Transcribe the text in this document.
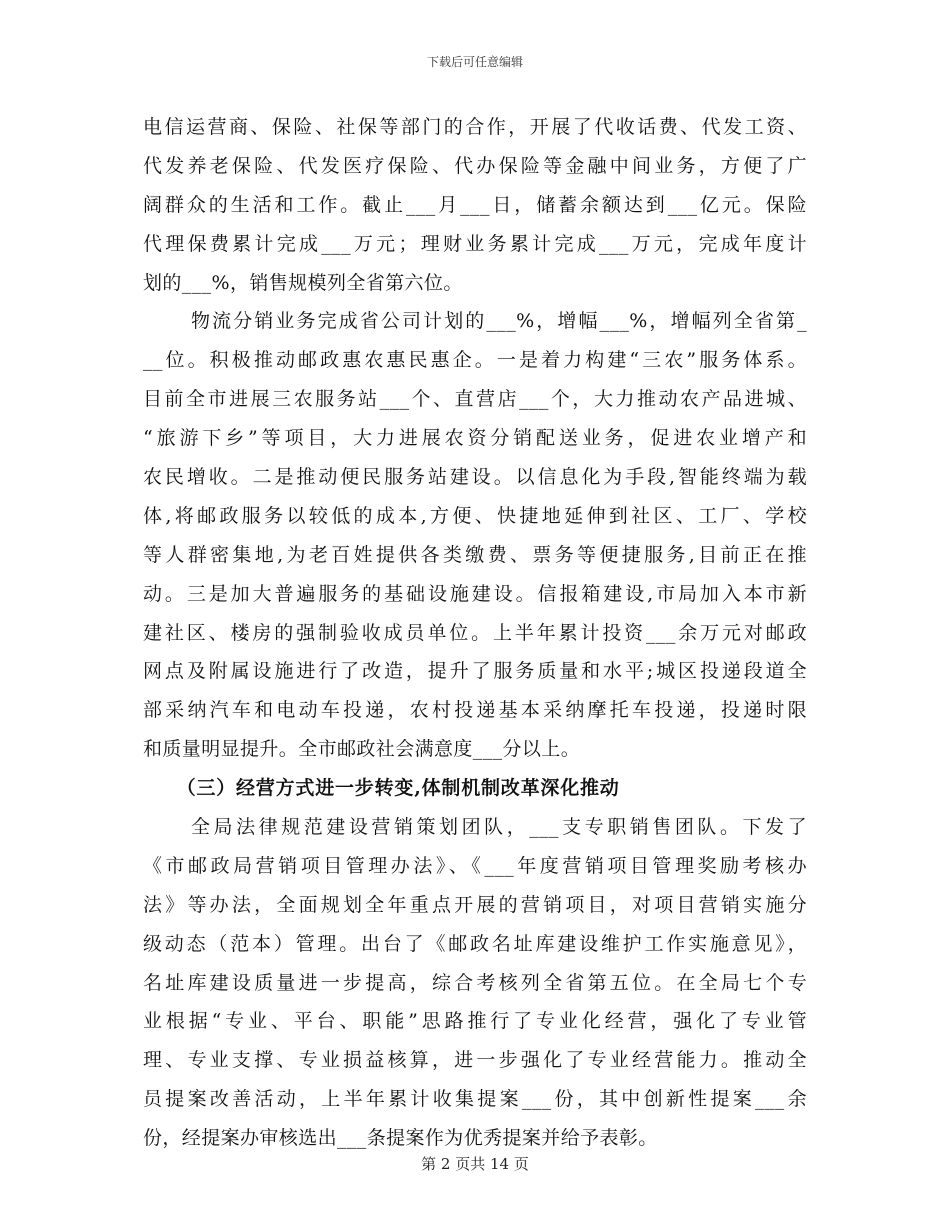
下载后可任意编辑
电信运营商、保险、社保等部门的合作，开展了代收话费、代发工资、
代发养老保险、代发医疗保险、代办保险等金融中间业务，方便了广
阔群众的生活和工作。截止___月___日，储蓄余额达到___亿元。保险
代理保费累计完成___万元；理财业务累计完成___万元，完成年度计
划的___%，销售规模列全省第六位。
物流分销业务完成省公司计划的___%，增幅___%，增幅列全省第_
__位。积极推动邮政惠农惠民惠企。一是着力构建“三农”服务体系。
目前全市进展三农服务站___个、直营店___个，大力推动农产品进城、
“旅游下乡”等项目，大力进展农资分销配送业务，促进农业增产和
农民增收。二是推动便民服务站建设。以信息化为手段,智能终端为载
体,将邮政服务以较低的成本,方便、快捷地延伸到社区、工厂、学校
等人群密集地,为老百姓提供各类缴费、票务等便捷服务,目前正在推
动。三是加大普遍服务的基础设施建设。信报箱建设,市局加入本市新
建社区、楼房的强制验收成员单位。上半年累计投资___余万元对邮政
网点及附属设施进行了改造，提升了服务质量和水平;城区投递段道全
部采纳汽车和电动车投递，农村投递基本采纳摩托车投递，投递时限
和质量明显提升。全市邮政社会满意度___分以上。
（三）经营方式进一步转变,体制机制改革深化推动
全局法律规范建设营销策划团队，___支专职销售团队。下发了
《市邮政局营销项目管理办法》、《___年度营销项目管理奖励考核办
法》等办法，全面规划全年重点开展的营销项目，对项目营销实施分
级动态（范本）管理。出台了《邮政名址库建设维护工作实施意见》，
名址库建设质量进一步提高，综合考核列全省第五位。在全局七个专
业根据“专业、平台、职能”思路推行了专业化经营，强化了专业管
理、专业支撑、专业损益核算，进一步强化了专业经营能力。推动全
员提案改善活动，上半年累计收集提案___份，其中创新性提案___余
份，经提案办审核选出___条提案作为优秀提案并给予表彰。
第 2 页共 14 页
